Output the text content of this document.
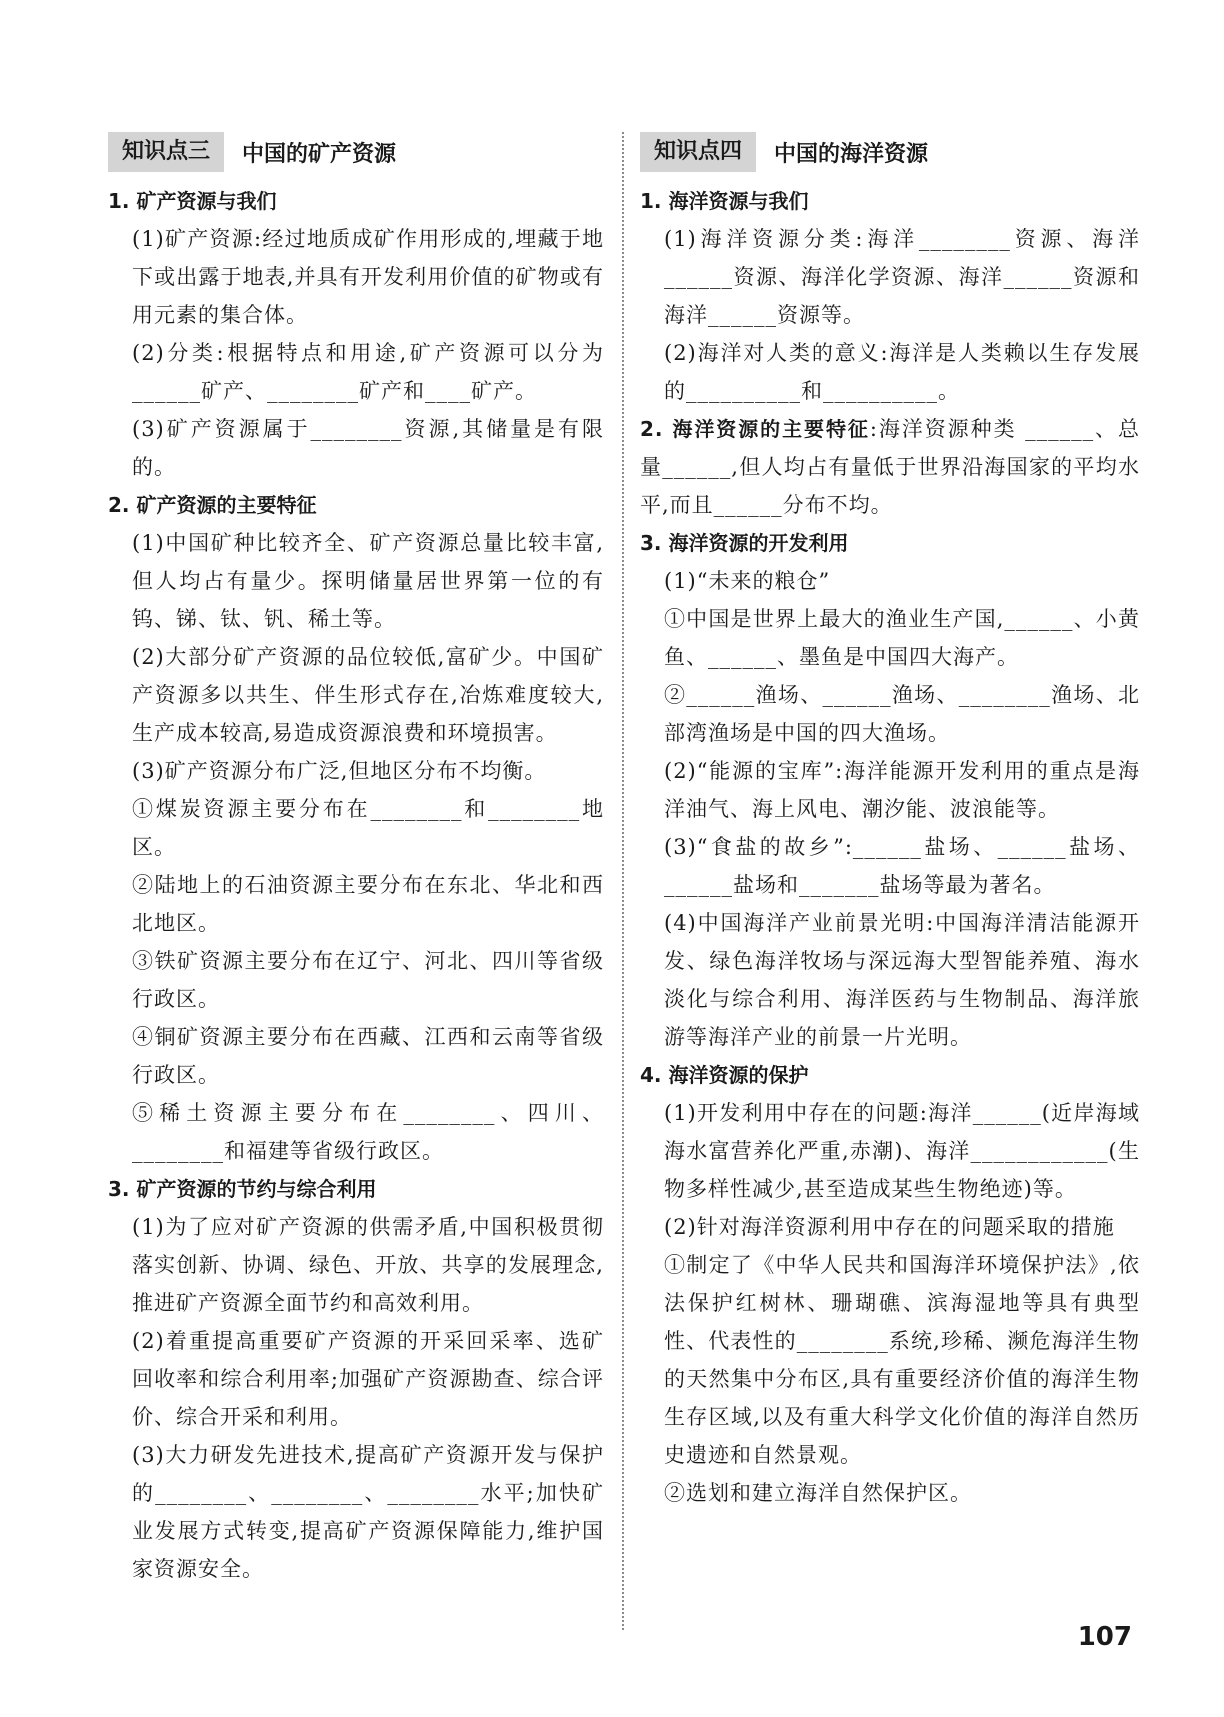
知识点三	中国的矿产资源

1. 矿产资源与我们

(1)矿产资源:经过地质成矿作用形成的,埋藏于地下或出露于地表,并具有开发利用价值的矿物或有用元素的集合体。

(2)分类:根据特点和用途,矿产资源可以分为______矿产、________矿产和____矿产。

(3)矿产资源属于________资源,其储量是有限的。

2. 矿产资源的主要特征

(1)中国矿种比较齐全、矿产资源总量比较丰富,但人均占有量少。探明储量居世界第一位的有钨、锑、钛、钒、稀土等。

(2)大部分矿产资源的品位较低,富矿少。中国矿产资源多以共生、伴生形式存在,冶炼难度较大,生产成本较高,易造成资源浪费和环境损害。

(3)矿产资源分布广泛,但地区分布不均衡。

①煤炭资源主要分布在________和________地区。

②陆地上的石油资源主要分布在东北、华北和西北地区。

③铁矿资源主要分布在辽宁、河北、四川等省级行政区。

④铜矿资源主要分布在西藏、江西和云南等省级行政区。

⑤稀土资源主要分布在________、四川、________和福建等省级行政区。

3. 矿产资源的节约与综合利用

(1)为了应对矿产资源的供需矛盾,中国积极贯彻落实创新、协调、绿色、开放、共享的发展理念,推进矿产资源全面节约和高效利用。

(2)着重提高重要矿产资源的开采回采率、选矿回收率和综合利用率;加强矿产资源勘查、综合评价、综合开采和利用。

(3)大力研发先进技术,提高矿产资源开发与保护的________、________、________水平;加快矿业发展方式转变,提高矿产资源保障能力,维护国家资源安全。

知识点四	中国的海洋资源

1. 海洋资源与我们

(1)海洋资源分类:海洋________资源、海洋______资源、海洋化学资源、海洋______资源和海洋______资源等。

(2)海洋对人类的意义:海洋是人类赖以生存发展的__________和__________。

2. 海洋资源的主要特征:海洋资源种类 ______、总量______,但人均占有量低于世界沿海国家的平均水平,而且______分布不均。

3. 海洋资源的开发利用

(1)“未来的粮仓”

①中国是世界上最大的渔业生产国,______、小黄鱼、______、墨鱼是中国四大海产。

②______渔场、______渔场、________渔场、北部湾渔场是中国的四大渔场。

(2)“能源的宝库”:海洋能源开发利用的重点是海洋油气、海上风电、潮汐能、波浪能等。

(3)“食盐的故乡”:______盐场、______盐场、______盐场和_______盐场等最为著名。

(4)中国海洋产业前景光明:中国海洋清洁能源开发、绿色海洋牧场与深远海大型智能养殖、海水淡化与综合利用、海洋医药与生物制品、海洋旅游等海洋产业的前景一片光明。

4. 海洋资源的保护

(1)开发利用中存在的问题:海洋______(近岸海域海水富营养化严重,赤潮)、海洋____________(生物多样性减少,甚至造成某些生物绝迹)等。

(2)针对海洋资源利用中存在的问题采取的措施

①制定了《中华人民共和国海洋环境保护法》,依法保护红树林、珊瑚礁、滨海湿地等具有典型性、代表性的________系统,珍稀、濒危海洋生物的天然集中分布区,具有重要经济价值的海洋生物生存区域,以及有重大科学文化价值的海洋自然历史遗迹和自然景观。

②选划和建立海洋自然保护区。

107
